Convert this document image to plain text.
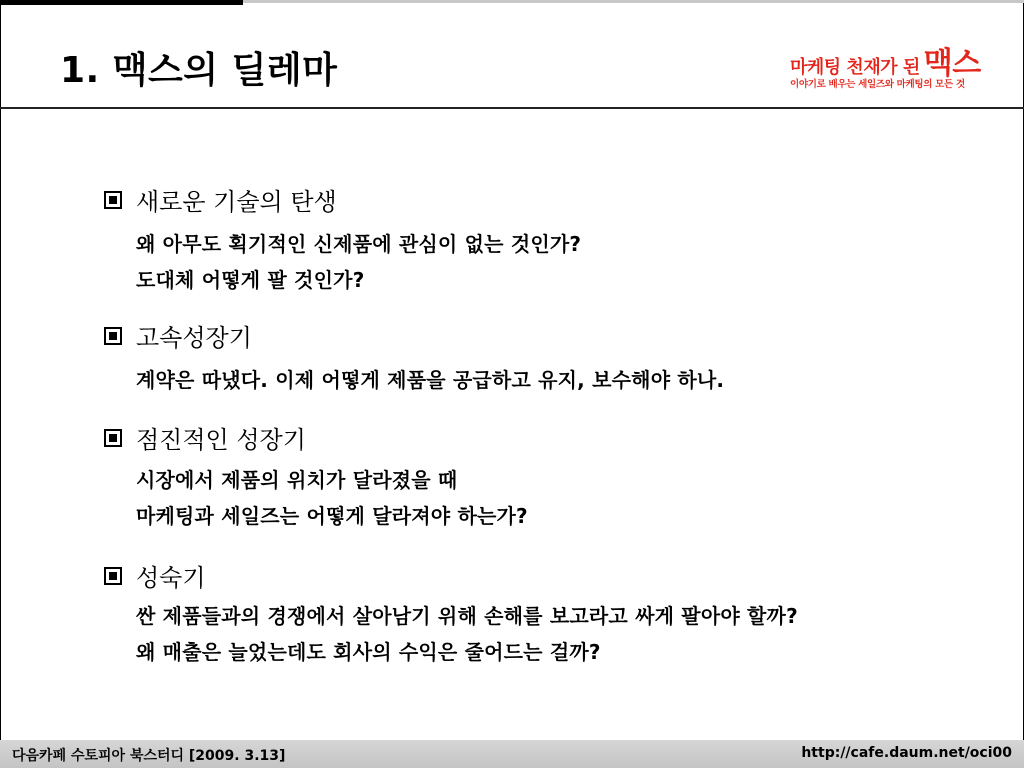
1. 맥스의 딜레마	마케팅 천재가 된 맥스
이야기로 배우는 세일즈와 마케팅의 모든 것
새로운 기술의 탄생

왜 아무도 획기적인 신제품에 관심이 없는 것인가?

도대체 어떻게 팔 것인가?

고속성장기

계약은 따냈다. 이제 어떻게 제품을 공급하고 유지, 보수해야 하나.

점진적인 성장기

시장에서 제품의 위치가 달라졌을 때

마케팅과 세일즈는 어떻게 달라져야 하는가?

성숙기

싼 제품들과의 경쟁에서 살아남기 위해 손해를 보고라고 싸게 팔아야 할까?

왜 매출은 늘었는데도 회사의 수익은 줄어드는 걸까?

다음카페 수토피아 북스터디 [2009. 3.13]	http://cafe.daum.net/oci00
